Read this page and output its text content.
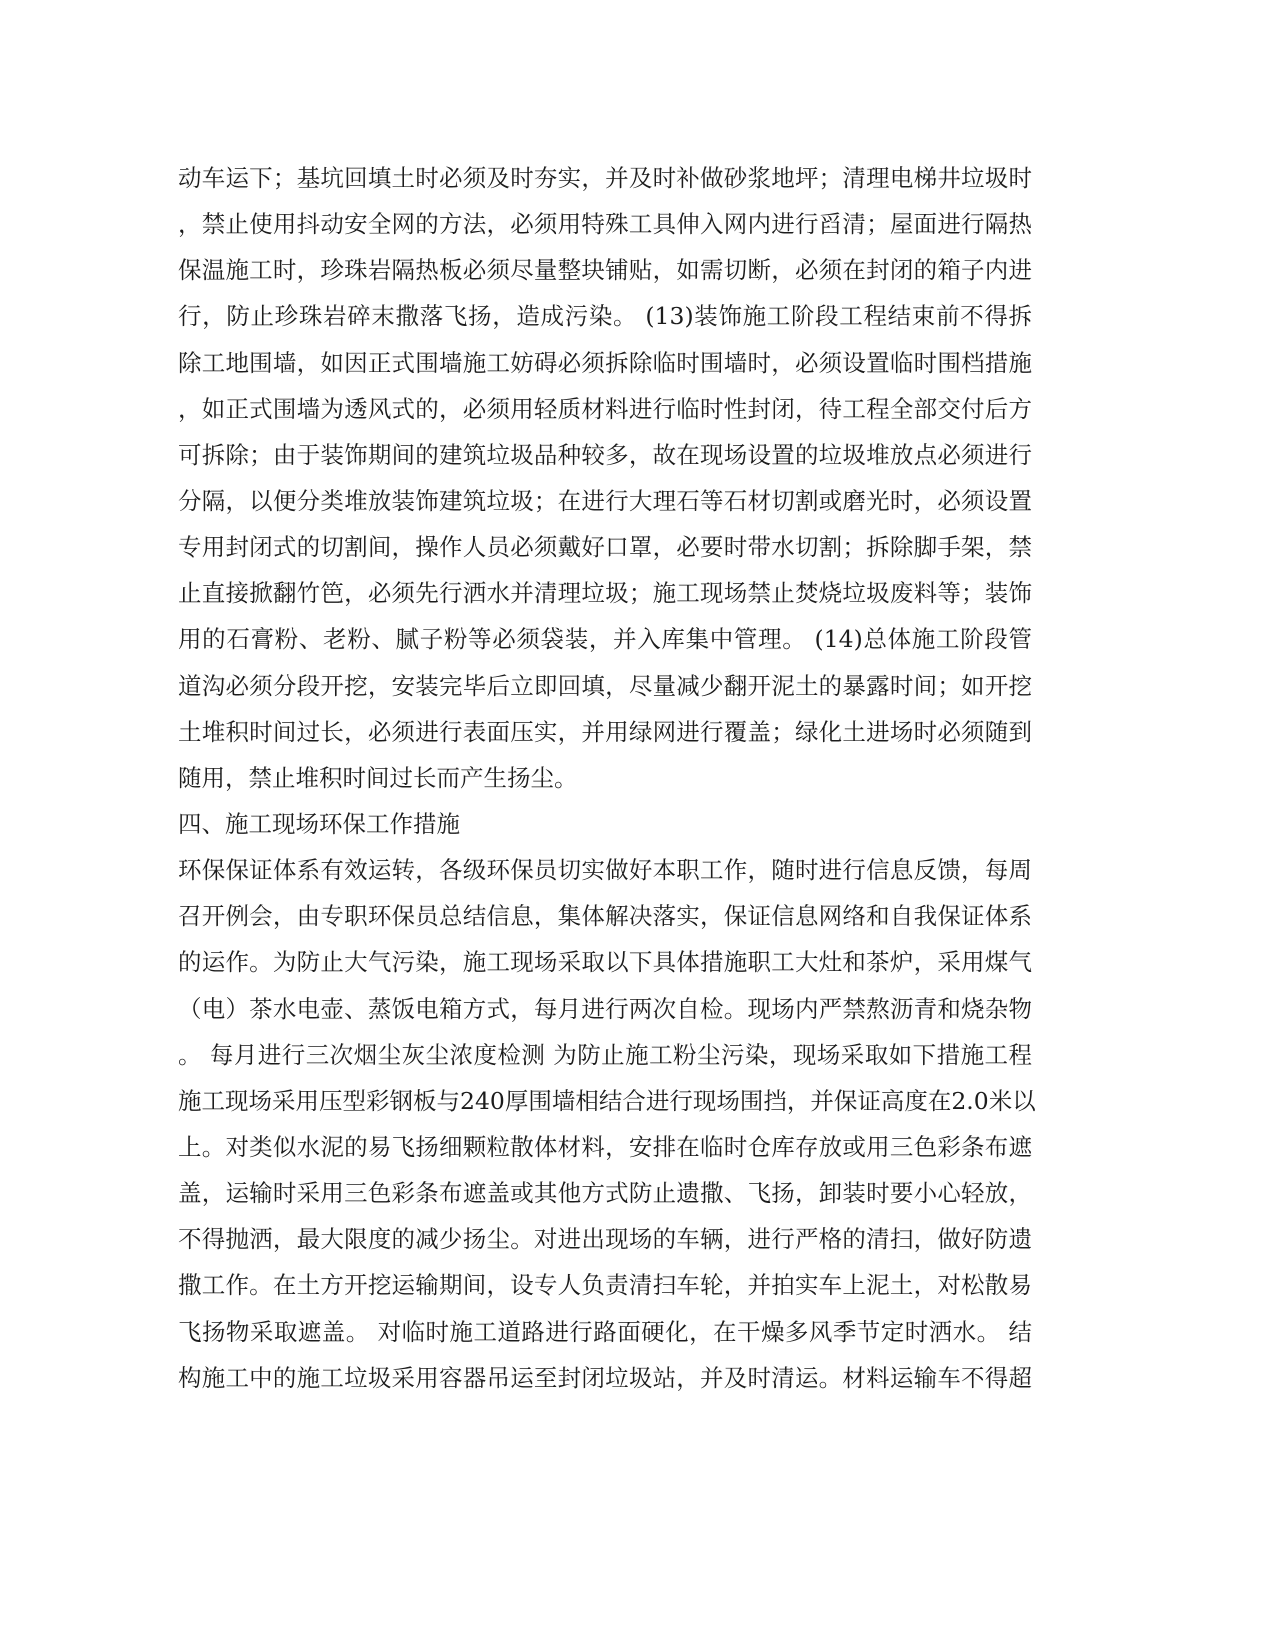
动车运下；基坑回填土时必须及时夯实，并及时补做砂浆地坪；清理电梯井垃圾时
，禁止使用抖动安全网的方法，必须用特殊工具伸入网内进行舀清；屋面进行隔热
保温施工时，珍珠岩隔热板必须尽量整块铺贴，如需切断，必须在封闭的箱子内进
行，防止珍珠岩碎末撒落飞扬，造成污染。 (13)装饰施工阶段工程结束前不得拆
除工地围墙，如因正式围墙施工妨碍必须拆除临时围墙时，必须设置临时围档措施
，如正式围墙为透风式的，必须用轻质材料进行临时性封闭，待工程全部交付后方
可拆除；由于装饰期间的建筑垃圾品种较多，故在现场设置的垃圾堆放点必须进行
分隔，以便分类堆放装饰建筑垃圾；在进行大理石等石材切割或磨光时，必须设置
专用封闭式的切割间，操作人员必须戴好口罩，必要时带水切割；拆除脚手架，禁
止直接掀翻竹笆，必须先行洒水并清理垃圾；施工现场禁止焚烧垃圾废料等；装饰
用的石膏粉、老粉、腻子粉等必须袋装，并入库集中管理。 (14)总体施工阶段管
道沟必须分段开挖，安装完毕后立即回填，尽量减少翻开泥土的暴露时间；如开挖
土堆积时间过长，必须进行表面压实，并用绿网进行覆盖；绿化土进场时必须随到
随用，禁止堆积时间过长而产生扬尘。
四、施工现场环保工作措施
环保保证体系有效运转，各级环保员切实做好本职工作，随时进行信息反馈，每周
召开例会，由专职环保员总结信息，集体解决落实，保证信息网络和自我保证体系
的运作。为防止大气污染，施工现场采取以下具体措施职工大灶和茶炉，采用煤气
（电）茶水电壶、蒸饭电箱方式，每月进行两次自检。现场内严禁熬沥青和烧杂物
。 每月进行三次烟尘灰尘浓度检测 为防止施工粉尘污染，现场采取如下措施工程
施工现场采用压型彩钢板与240厚围墙相结合进行现场围挡，并保证高度在2.0米以
上。对类似水泥的易飞扬细颗粒散体材料，安排在临时仓库存放或用三色彩条布遮
盖，运输时采用三色彩条布遮盖或其他方式防止遗撒、飞扬，卸装时要小心轻放，
不得抛洒，最大限度的减少扬尘。对进出现场的车辆，进行严格的清扫，做好防遗
撒工作。在土方开挖运输期间，设专人负责清扫车轮，并拍实车上泥土，对松散易
飞扬物采取遮盖。 对临时施工道路进行路面硬化，在干燥多风季节定时洒水。 结
构施工中的施工垃圾采用容器吊运至封闭垃圾站，并及时清运。材料运输车不得超
